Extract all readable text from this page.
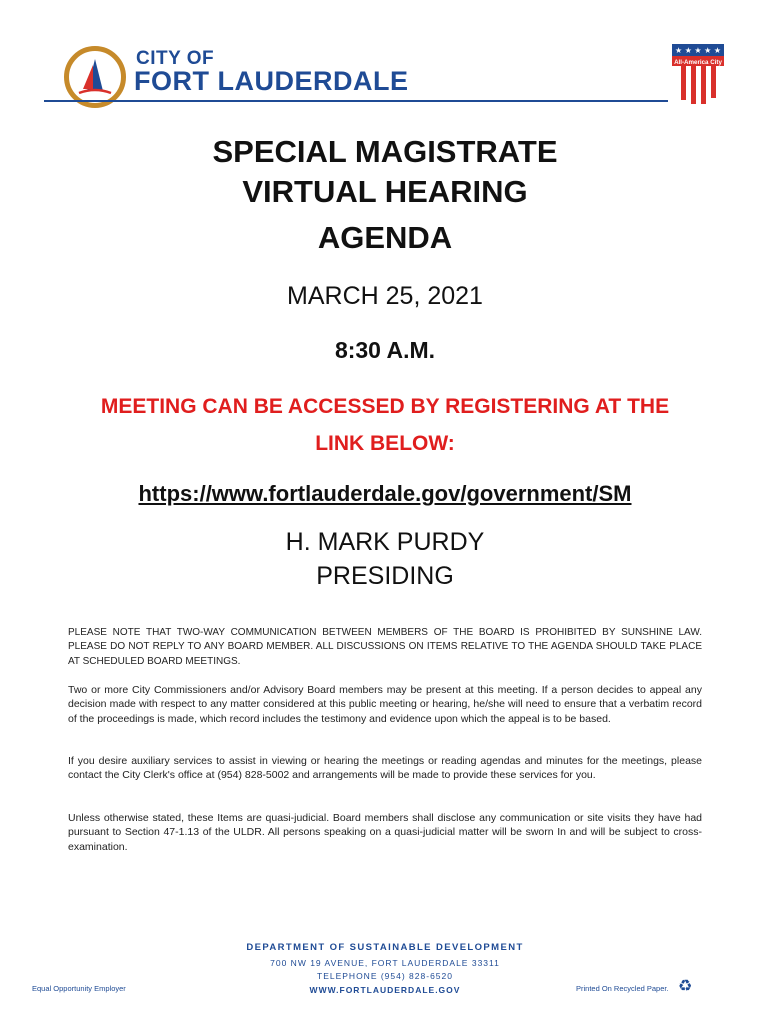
CITY OF
FORT LAUDERDALE
★ ★ ★ ★ ★
All-America City
SPECIAL MAGISTRATE
VIRTUAL HEARING
AGENDA
MARCH 25, 2021
8:30 A.M.
MEETING CAN BE ACCESSED BY REGISTERING AT THE
LINK BELOW:
https://www.fortlauderdale.gov/government/SM
H. MARK PURDY
PRESIDING
PLEASE NOTE THAT TWO-WAY COMMUNICATION BETWEEN MEMBERS OF THE BOARD IS PROHIBITED BY SUNSHINE LAW. PLEASE DO NOT REPLY TO ANY BOARD MEMBER. ALL DISCUSSIONS ON ITEMS RELATIVE TO THE AGENDA SHOULD TAKE PLACE AT SCHEDULED BOARD MEETINGS.
Two or more City Commissioners and/or Advisory Board members may be present at this meeting. If a person decides to appeal any decision made with respect to any matter considered at this public meeting or hearing, he/she will need to ensure that a verbatim record of the proceedings is made, which record includes the testimony and evidence upon which the appeal is to be based.
If you desire auxiliary services to assist in viewing or hearing the meetings or reading agendas and minutes for the meetings, please contact the City Clerk's office at (954) 828-5002 and arrangements will be made to provide these services for you.
Unless otherwise stated, these Items are quasi-judicial. Board members shall disclose any communication or site visits they have had pursuant to Section 47-1.13 of the ULDR. All persons speaking on a quasi-judicial matter will be sworn In and will be subject to cross-examination.
DEPARTMENT OF SUSTAINABLE DEVELOPMENT
700 NW 19 AVENUE, FORT LAUDERDALE 33311
TELEPHONE (954) 828-6520
WWW.FORTLAUDERDALE.GOV
Equal Opportunity Employer	Printed On Recycled Paper. ♻
